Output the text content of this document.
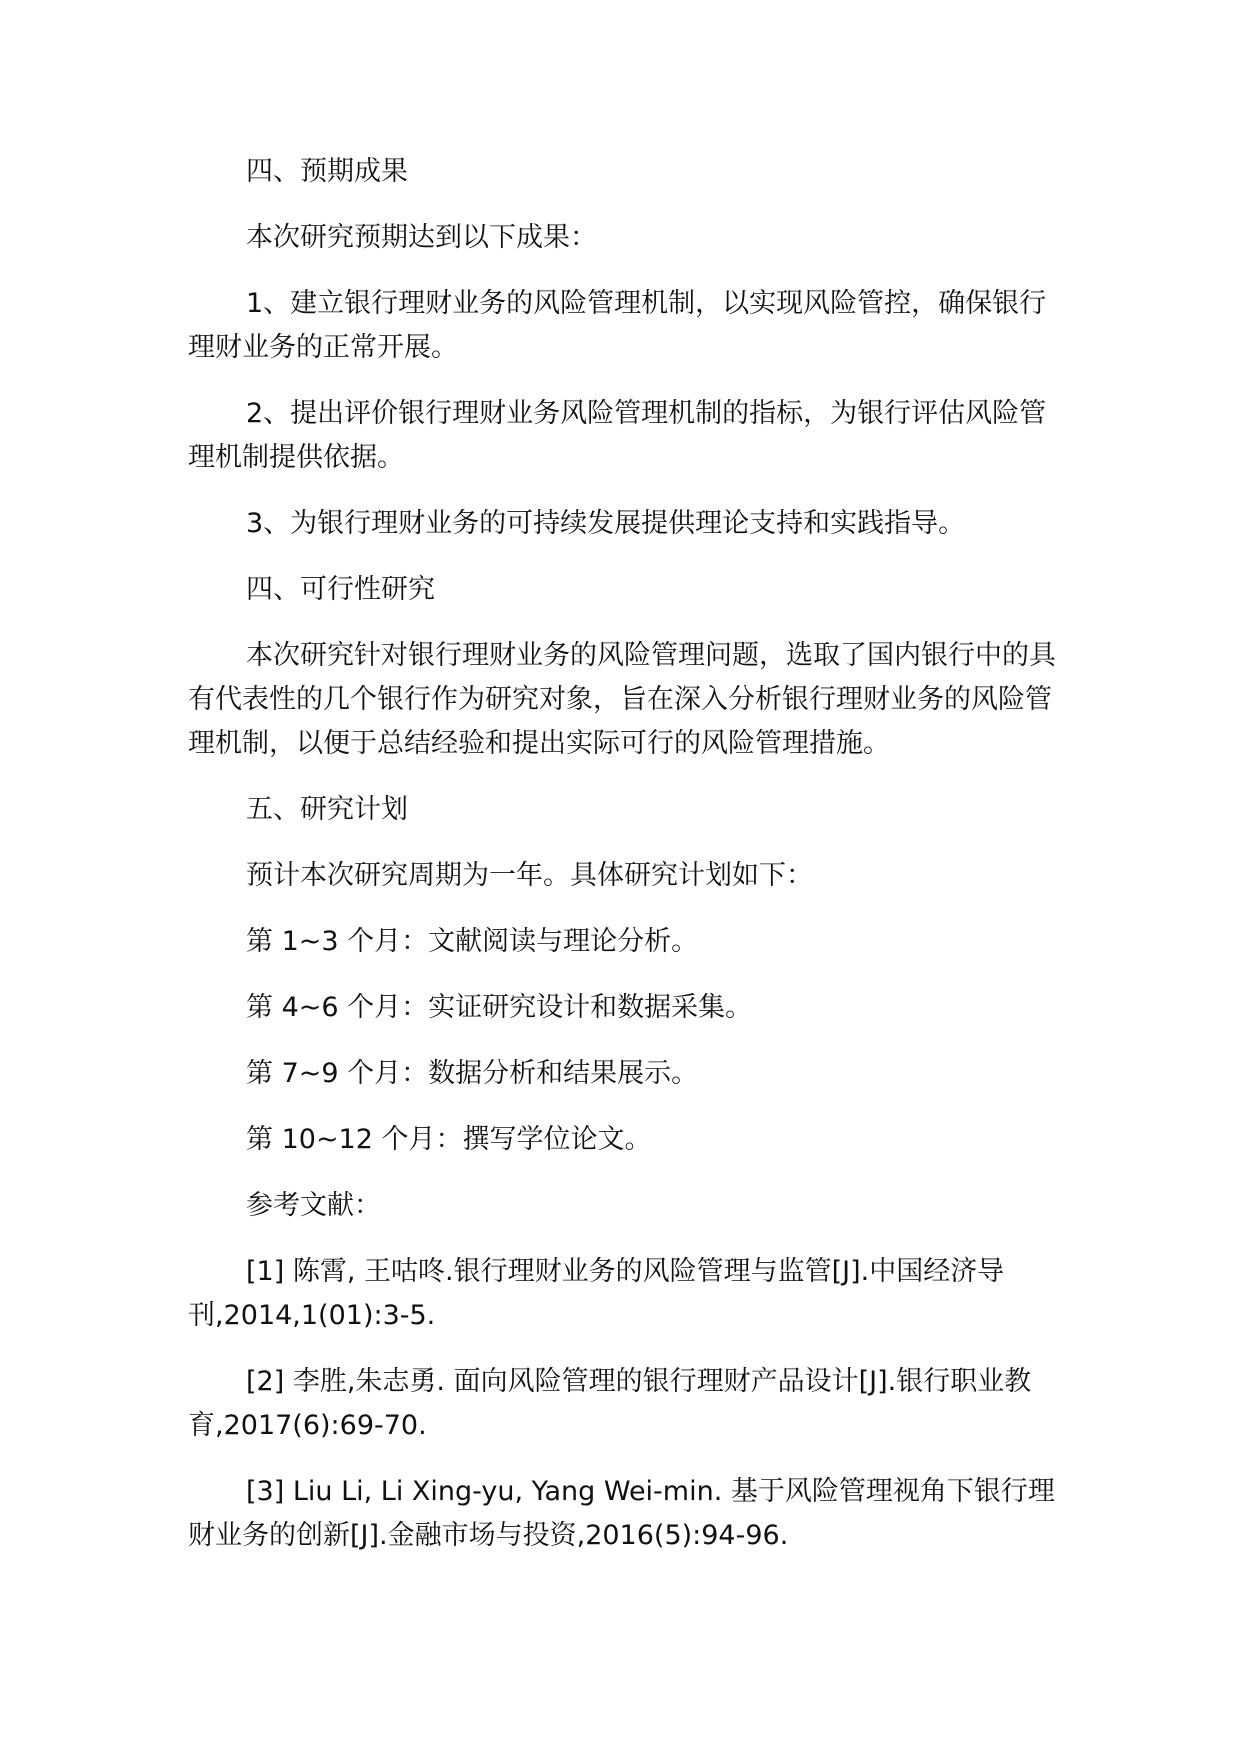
四、预期成果

本次研究预期达到以下成果：

1、建立银行理财业务的风险管理机制，以实现风险管控，确保银行理财业务的正常开展。

2、提出评价银行理财业务风险管理机制的指标，为银行评估风险管理机制提供依据。

3、为银行理财业务的可持续发展提供理论支持和实践指导。

四、可行性研究

本次研究针对银行理财业务的风险管理问题，选取了国内银行中的具有代表性的几个银行作为研究对象，旨在深入分析银行理财业务的风险管理机制，以便于总结经验和提出实际可行的风险管理措施。

五、研究计划

预计本次研究周期为一年。具体研究计划如下：

第 1~3 个月：文献阅读与理论分析。

第 4~6 个月：实证研究设计和数据采集。

第 7~9 个月：数据分析和结果展示。

第 10~12 个月：撰写学位论文。

参考文献：

[1] 陈霄, 王咕咚.银行理财业务的风险管理与监管[J].中国经济导刊,2014,1(01):3-5.

[2] 李胜,朱志勇. 面向风险管理的银行理财产品设计[J].银行职业教育,2017(6):69-70.

[3] Liu Li, Li Xing-yu, Yang Wei-min. 基于风险管理视角下银行理财业务的创新[J].金融市场与投资,2016(5):94-96.
